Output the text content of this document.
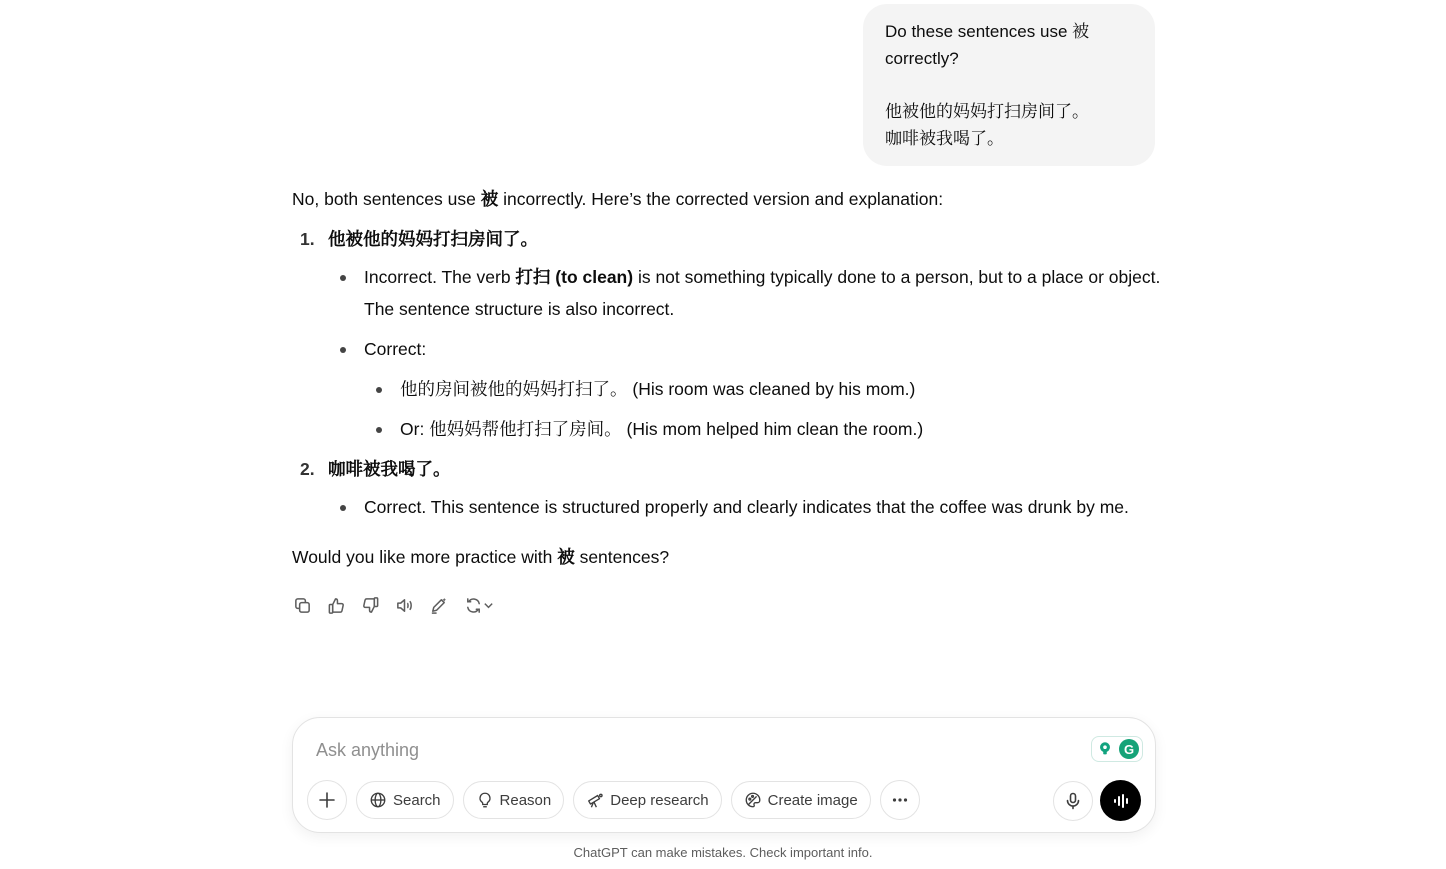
Do these sentences use 被 correctly?
他被他的妈妈打扫房间了。
咖啡被我喝了。

No, both sentences use 被 incorrectly. Here’s the corrected version and explanation:

1. 他被他的妈妈打扫房间了。
Incorrect. The verb 打扫 (to clean) is not something typically done to a person, but to a place or object. The sentence structure is also incorrect.
Correct:
他的房间被他的妈妈打扫了。 (His room was cleaned by his mom.)
Or: 他妈妈帮他打扫了房间。 (His mom helped him clean the room.)
2. 咖啡被我喝了。
Correct. This sentence is structured properly and clearly indicates that the coffee was drunk by me.

Would you like more practice with 被 sentences?

Ask anything
G
Search	Reason	Deep research	Create image
ChatGPT can make mistakes. Check important info.
